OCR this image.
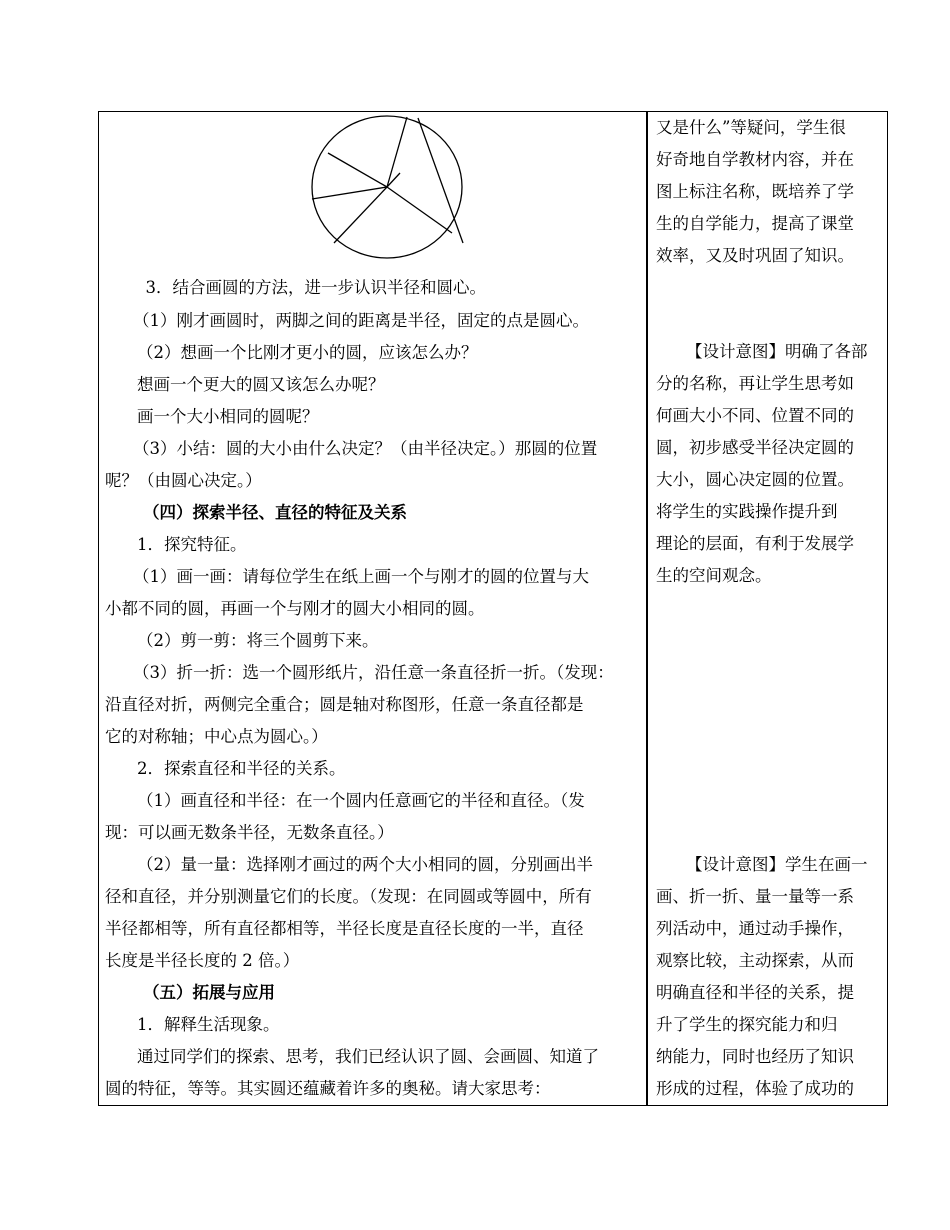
　3．结合画圆的方法，进一步认识半径和圆心。
（1）刚才画圆时，两脚之间的距离是半径，固定的点是圆心。
（2）想画一个比刚才更小的圆，应该怎么办？
想画一个更大的圆又该怎么办呢？
画一个大小相同的圆呢？
（3）小结：圆的大小由什么决定？（由半径决定。）那圆的位置
呢？（由圆心决定。）
（四）探索半径、直径的特征及关系
1．探究特征。
（1）画一画：请每位学生在纸上画一个与刚才的圆的位置与大
小都不同的圆，再画一个与刚才的圆大小相同的圆。
（2）剪一剪：将三个圆剪下来。
（3）折一折：选一个圆形纸片，沿任意一条直径折一折。（发现：
沿直径对折，两侧完全重合；圆是轴对称图形，任意一条直径都是
它的对称轴；中心点为圆心。）
2．探索直径和半径的关系。
（1）画直径和半径：在一个圆内任意画它的半径和直径。（发
现：可以画无数条半径，无数条直径。）
（2）量一量：选择刚才画过的两个大小相同的圆，分别画出半
径和直径，并分别测量它们的长度。（发现：在同圆或等圆中，所有
半径都相等，所有直径都相等，半径长度是直径长度的一半，直径
长度是半径长度的 2 倍。）
（五）拓展与应用
1．解释生活现象。
通过同学们的探索、思考，我们已经认识了圆、会画圆、知道了
圆的特征，等等。其实圆还蕴藏着许多的奥秘。请大家思考：
又是什么”等疑问，学生很
好奇地自学教材内容，并在
图上标注名称，既培养了学
生的自学能力，提高了课堂
效率，又及时巩固了知识。
【设计意图】明确了各部
分的名称，再让学生思考如
何画大小不同、位置不同的
圆，初步感受半径决定圆的
大小，圆心决定圆的位置。
将学生的实践操作提升到
理论的层面，有利于发展学
生的空间观念。
【设计意图】学生在画一
画、折一折、量一量等一系
列活动中，通过动手操作，
观察比较，主动探索，从而
明确直径和半径的关系，提
升了学生的探究能力和归
纳能力，同时也经历了知识
形成的过程，体验了成功的
